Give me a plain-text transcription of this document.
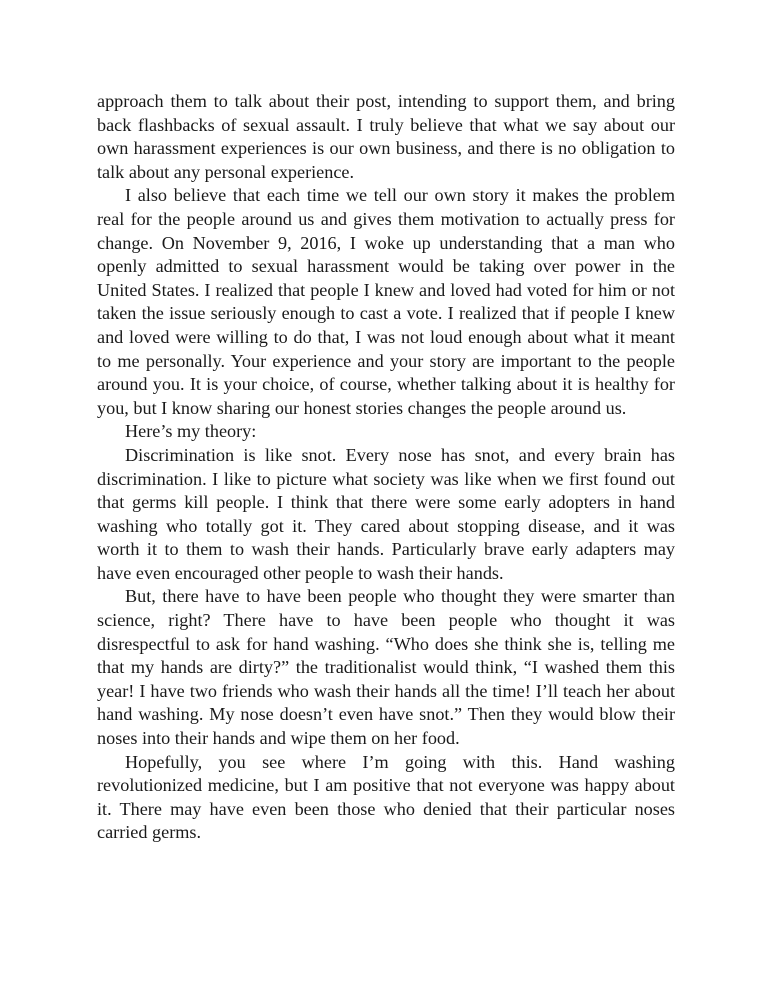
approach them to talk about their post, intending to support them, and bring back flashbacks of sexual assault. I truly believe that what we say about our own harassment experiences is our own business, and there is no obligation to talk about any personal experience.

I also believe that each time we tell our own story it makes the problem real for the people around us and gives them motivation to actually press for change. On November 9, 2016, I woke up understanding that a man who openly admitted to sexual harassment would be taking over power in the United States. I realized that people I knew and loved had voted for him or not taken the issue seriously enough to cast a vote. I realized that if people I knew and loved were willing to do that, I was not loud enough about what it meant to me personally. Your experience and your story are important to the people around you. It is your choice, of course, whether talking about it is healthy for you, but I know sharing our honest stories changes the people around us.

Here’s my theory:

Discrimination is like snot. Every nose has snot, and every brain has discrimination. I like to picture what society was like when we first found out that germs kill people. I think that there were some early adopters in hand washing who totally got it. They cared about stopping disease, and it was worth it to them to wash their hands. Particularly brave early adapters may have even encouraged other people to wash their hands.

But, there have to have been people who thought they were smarter than science, right? There have to have been people who thought it was disrespectful to ask for hand washing. “Who does she think she is, telling me that my hands are dirty?” the traditionalist would think, “I washed them this year! I have two friends who wash their hands all the time! I’ll teach her about hand washing. My nose doesn’t even have snot.” Then they would blow their noses into their hands and wipe them on her food.

Hopefully, you see where I’m going with this. Hand washing revolutionized medicine, but I am positive that not everyone was happy about it. There may have even been those who denied that their particular noses carried germs.
